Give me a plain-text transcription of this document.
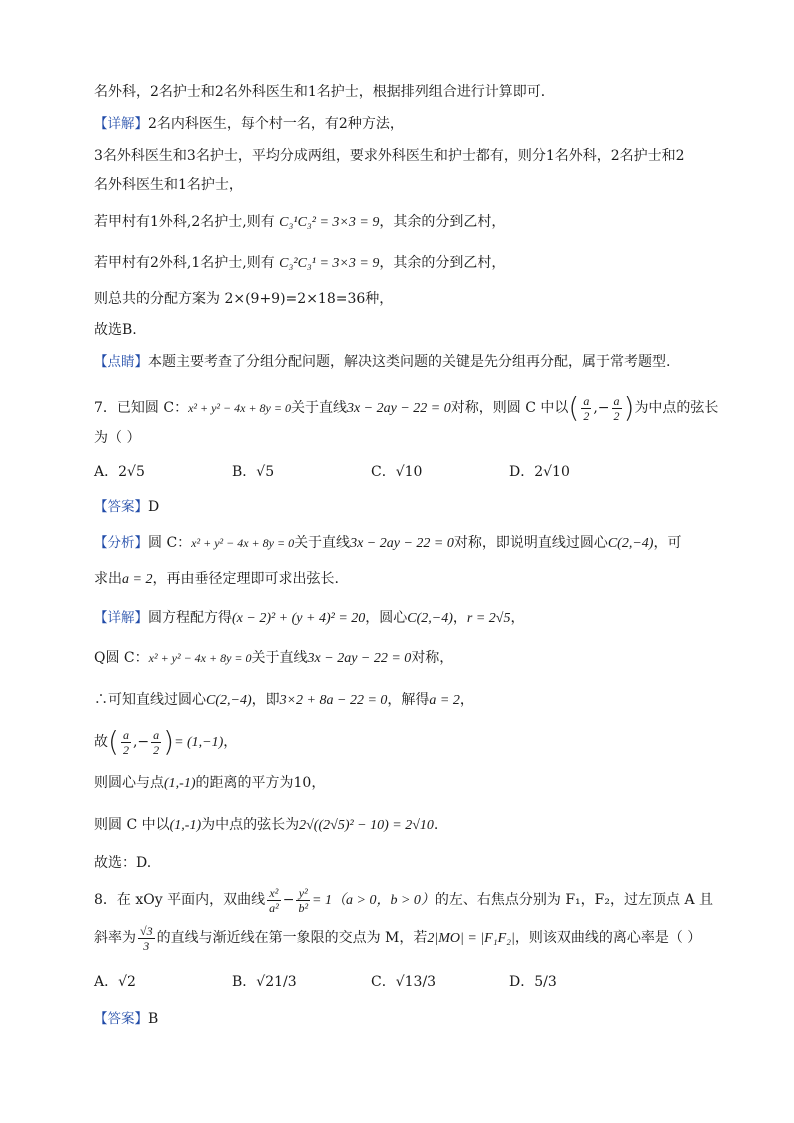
名外科，2名护士和2名外科医生和1名护士，根据排列组合进行计算即可．
【详解】2名内科医生，每个村一名，有2种方法，
3名外科医生和3名护士，平均分成两组，要求外科医生和护士都有，则分1名外科，2名护士和2
名外科医生和1名护士，
若甲村有1外科,2名护士,则有 C₃¹C₃² = 3×3 = 9，其余的分到乙村，
若甲村有2外科,1名护士,则有 C₃²C₃¹ = 3×3 = 9，其余的分到乙村，
则总共的分配方案为 2×(9+9)=2×18=36种，
故选B.
【点睛】本题主要考查了分组分配问题，解决这类问题的关键是先分组再分配，属于常考题型.
7．已知圆 C：x² + y² − 4x + 8y = 0关于直线3x − 2ay − 22 = 0对称，则圆 C 中以( $\frac{a}{2}$ ,− $\frac{a}{2}$ )为中点的弦长
为（ ）
A．2√5	B．√5	C．√10	D．2√10
【答案】D
【分析】圆 C：x² + y² − 4x + 8y = 0关于直线3x − 2ay − 22 = 0对称，即说明直线过圆心C(2,−4)，可
求出a = 2，再由垂径定理即可求出弦长.
【详解】圆方程配方得(x − 2)² + (y + 4)² = 20，圆心C(2,−4)，r = 2√5，
Q圆 C：x² + y² − 4x + 8y = 0关于直线3x − 2ay − 22 = 0对称，
∴可知直线过圆心C(2,−4)，即3×2 + 8a − 22 = 0，解得a = 2，
故( $\frac{a}{2}$ ,− $\frac{a}{2}$ )= (1,−1)，
则圆心与点(1,-1)的距离的平方为10，
则圆 C 中以(1,-1)为中点的弦长为2√((2√5)² − 10) = 2√10.
故选：D.
8．在 xOy 平面内，双曲线 $\frac{\text{x²}}{\text{a²}} - \frac{\text{y²}}{\text{b²}} = 1(a > 0$，b > 0）的左、右焦点分别为 F₁，F₂，过左顶点 A 且
斜率为 $\frac{√3}{3}$ 的直线与渐近线在第一象限的交点为 M，若2|MO| = |F₁F₂|，则该双曲线的离心率是（ ）
A．√2	B．√21/3	C．√13/3	D．5/3
【答案】B
